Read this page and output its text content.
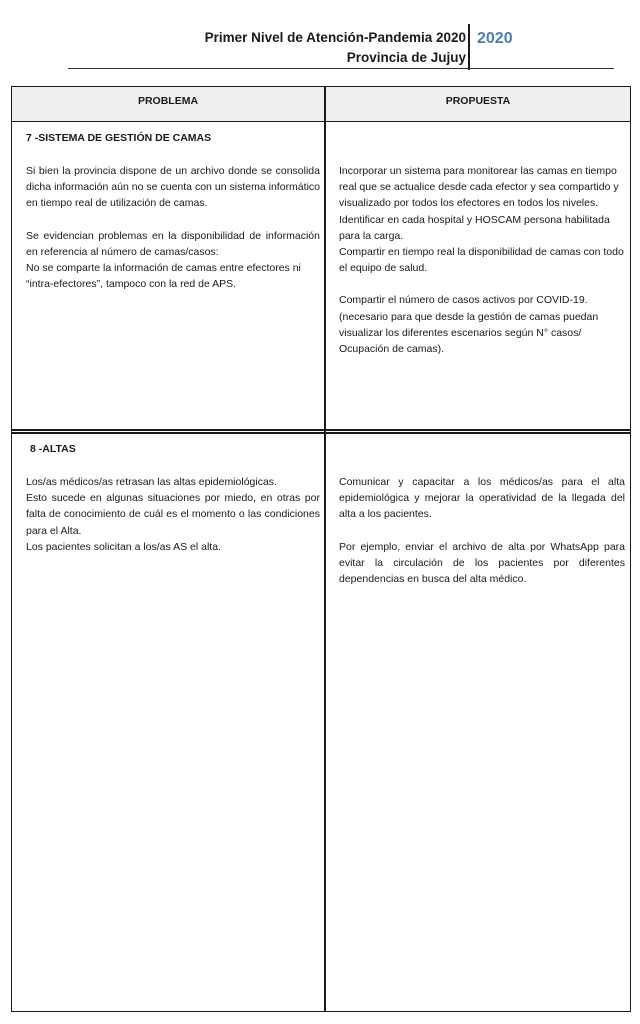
Primer Nivel de Atención-Pandemia 2020
Provincia de Jujuy
2020
PROBLEMA	PROPUESTA
7 -SISTEMA DE GESTIÓN DE CAMAS

Si bien la provincia dispone de un archivo donde se consolida dicha información aún no se cuenta con un sistema informático en tiempo real de utilización de camas.

Se evidencian problemas en la disponibilidad de información en referencia al número de camas/casos:

No se comparte la información de camas entre efectores ni “intra-efectores”, tampoco con la red de APS.

Incorporar un sistema para monitorear las camas en tiempo real que se actualice desde cada efector y sea compartido y visualizado por todos los efectores en todos los niveles.

Identificar en cada hospital y HOSCAM persona habilitada para la carga.

Compartir en tiempo real la disponibilidad de camas con todo el equipo de salud.

Compartir el número de casos activos por COVID-19. (necesario para que desde la gestión de camas puedan visualizar los diferentes escenarios según N° casos/ Ocupación de camas).

8 -ALTAS

Los/as médicos/as retrasan las altas epidemiológicas.

Esto sucede en algunas situaciones por miedo, en otras por falta de conocimiento de cuál es el momento o las condiciones para el Alta.

Los pacientes solicitan a los/as AS el alta.

Comunicar y capacitar a los médicos/as para el alta epidemiológica y mejorar la operatividad de la llegada del alta a los pacientes.

Por ejemplo, enviar el archivo de alta por WhatsApp para evitar la circulación de los pacientes por diferentes dependencias en busca del alta médico.
